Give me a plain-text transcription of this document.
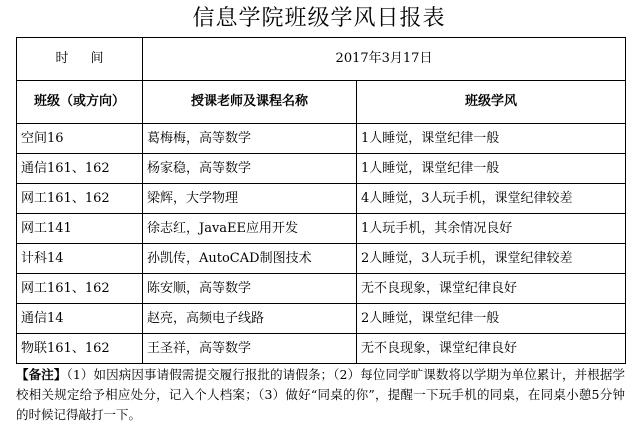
信息学院班级学风日报表
时间	2017年3月17日	
班级（或方向）	授课老师及课程名称	班级学风
空间16	葛梅梅，高等数学	1人睡觉，课堂纪律一般
通信161、162	杨家稳，高等数学	1人睡觉，课堂纪律一般
网工161、162	梁辉，大学物理	4人睡觉，3人玩手机，课堂纪律较差
网工141	徐志红，JavaEE应用开发	1人玩手机，其余情况良好
计科14	孙凯传，AutoCAD制图技术	2人睡觉，3人玩手机，课堂纪律较差
网工161、162	陈安顺，高等数学	无不良现象，课堂纪律良好
通信14	赵亮，高频电子线路	2人睡觉，课堂纪律一般
物联161、162	王圣祥，高等数学	无不良现象，课堂纪律良好
【备注】（1）如因病因事请假需提交履行报批的请假条；（2）每位同学旷课数将以学期为单位累计，并根据学校相关规定给予相应处分，记入个人档案；（3）做好“同桌的你”，提醒一下玩手机的同桌，在同桌小憩5分钟的时候记得敲打一下。
